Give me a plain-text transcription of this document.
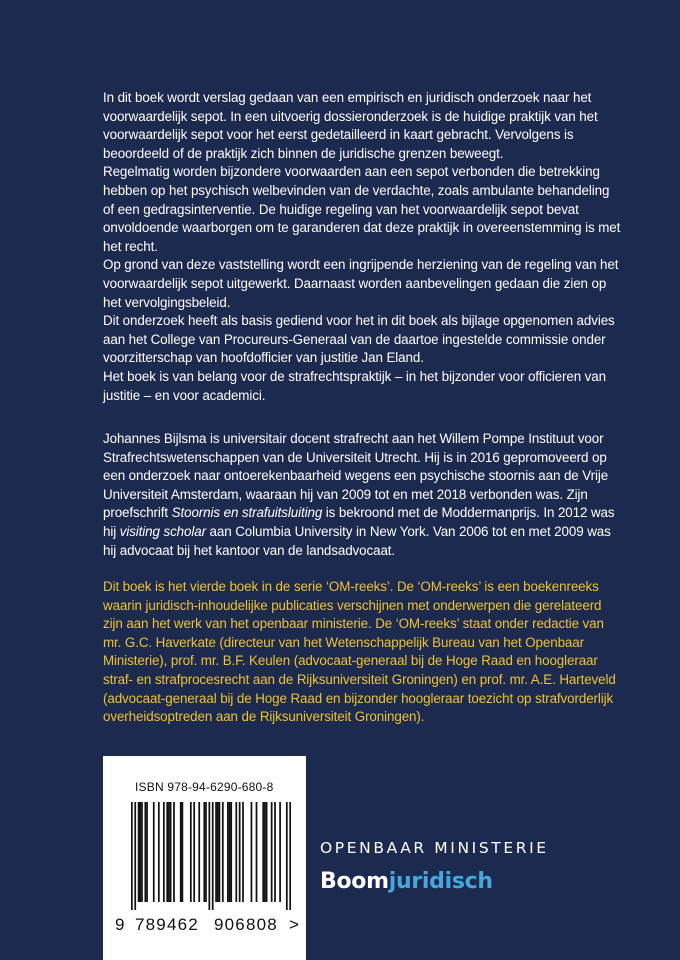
In dit boek wordt verslag gedaan van een empirisch en juridisch onderzoek naar het voorwaardelijk sepot. In een uitvoerig dossieronderzoek is de huidige praktijk van het voorwaardelijk sepot voor het eerst gedetailleerd in kaart gebracht. Vervolgens is beoordeeld of de praktijk zich binnen de juridische grenzen beweegt.

Regelmatig worden bijzondere voorwaarden aan een sepot verbonden die betrekking hebben op het psychisch welbevinden van de verdachte, zoals ambulante behandeling of een gedragsinterventie. De huidige regeling van het voorwaardelijk sepot bevat onvoldoende waarborgen om te garanderen dat deze praktijk in overeenstemming is met het recht.

Op grond van deze vaststelling wordt een ingrijpende herziening van de regeling van het voorwaardelijk sepot uitgewerkt. Daarnaast worden aanbevelingen gedaan die zien op het vervolgingsbeleid.

Dit onderzoek heeft als basis gediend voor het in dit boek als bijlage opgenomen advies aan het College van Procureurs-Generaal van de daartoe ingestelde commissie onder voorzitterschap van hoofdofficier van justitie Jan Eland.

Het boek is van belang voor de strafrechtspraktijk – in het bijzonder voor officieren van justitie – en voor academici.

Johannes Bijlsma is universitair docent strafrecht aan het Willem Pompe Instituut voor Strafrechtswetenschappen van de Universiteit Utrecht. Hij is in 2016 gepromoveerd op een onderzoek naar ontoerekenbaarheid wegens een psychische stoornis aan de Vrije Universiteit Amsterdam, waaraan hij van 2009 tot en met 2018 verbonden was. Zijn proefschrift Stoornis en strafuitsluiting is bekroond met de Moddermanprijs. In 2012 was hij visiting scholar aan Columbia University in New York. Van 2006 tot en met 2009 was hij advocaat bij het kantoor van de landsadvocaat.

Dit boek is het vierde boek in de serie ‘OM-reeks’. De ‘OM-reeks’ is een boekenreeks waarin juridisch-inhoudelijke publicaties verschijnen met onderwerpen die gerelateerd zijn aan het werk van het openbaar ministerie. De ‘OM-reeks’ staat onder redactie van mr. G.C. Haverkate (directeur van het Wetenschappelijk Bureau van het Openbaar Ministerie), prof. mr. B.F. Keulen (advocaat-generaal bij de Hoge Raad en hoogleraar straf- en strafprocesrecht aan de Rijksuniversiteit Groningen) en prof. mr. A.E. Harteveld (advocaat-generaal bij de Hoge Raad en bijzonder hoogleraar toezicht op strafvorderlijk overheidsoptreden aan de Rijksuniversiteit Groningen).

ISBN 978-94-6290-680-8
9 789462 906808 >
OPENBAAR MINISTERIE
Boomjuridisch
